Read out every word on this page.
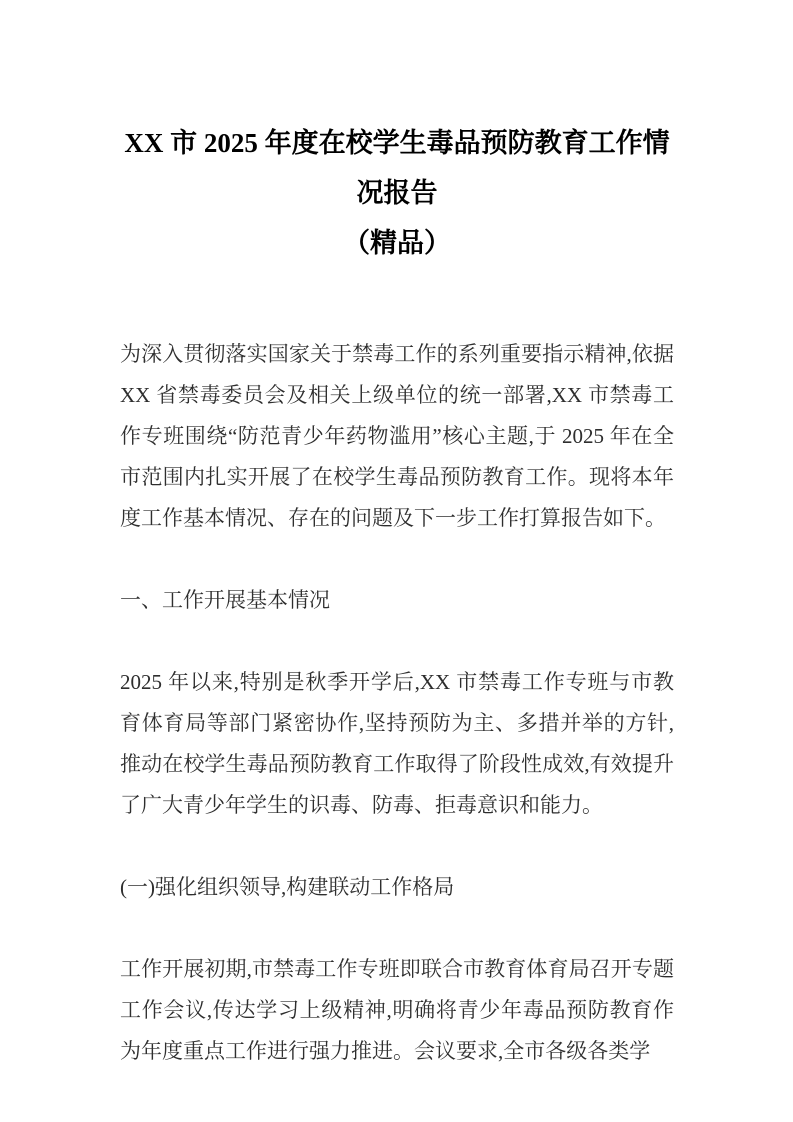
XX 市 2025 年度在校学生毒品预防教育工作情况报告
（精品）

为深入贯彻落实国家关于禁毒工作的系列重要指示精神,依据 XX 省禁毒委员会及相关上级单位的统一部署,XX 市禁毒工作专班围绕“防范青少年药物滥用”核心主题,于 2025 年在全市范围内扎实开展了在校学生毒品预防教育工作。现将本年度工作基本情况、存在的问题及下一步工作打算报告如下。

一、工作开展基本情况

2025 年以来,特别是秋季开学后,XX 市禁毒工作专班与市教育体育局等部门紧密协作,坚持预防为主、多措并举的方针,推动在校学生毒品预防教育工作取得了阶段性成效,有效提升了广大青少年学生的识毒、防毒、拒毒意识和能力。

(一)强化组织领导,构建联动工作格局

工作开展初期,市禁毒工作专班即联合市教育体育局召开专题工作会议,传达学习上级精神,明确将青少年毒品预防教育作为年度重点工作进行强力推进。会议要求,全市各级各类学
